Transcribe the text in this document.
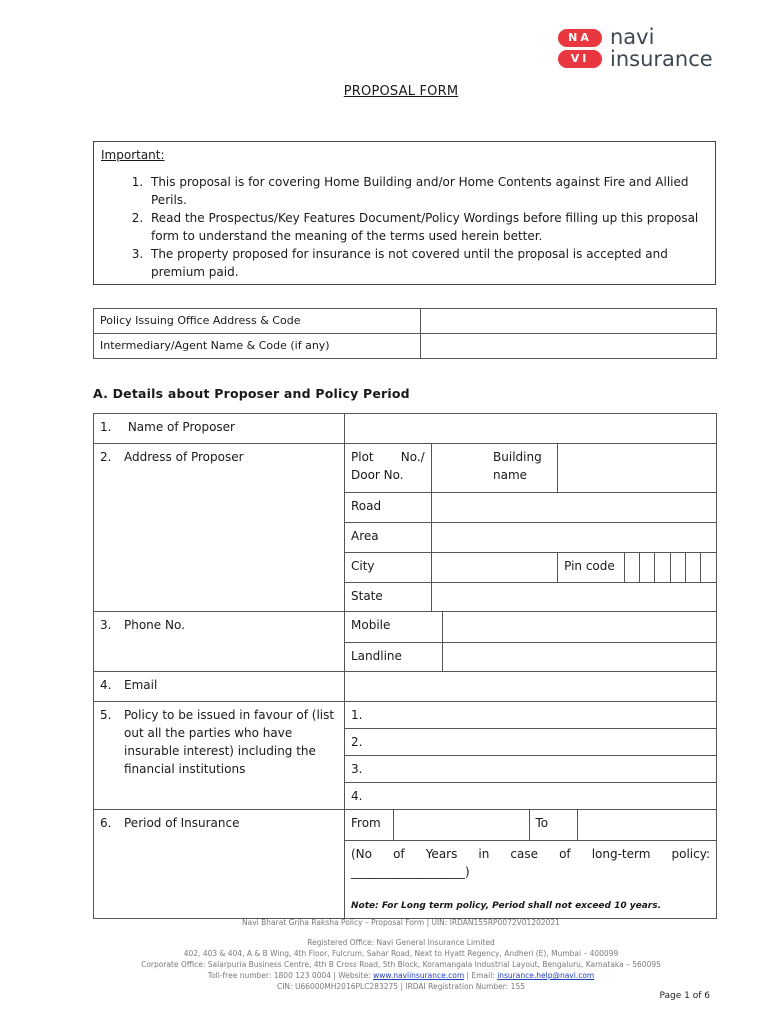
NA
VI
navi
insurance
PROPOSAL FORM
Important:
1. This proposal is for covering Home Building and/or Home Contents against Fire and Allied Perils.
2. Read the Prospectus/Key Features Document/Policy Wordings before filling up this proposal form to understand the meaning of the terms used herein better.
3. The property proposed for insurance is not covered until the proposal is accepted and premium paid.
Policy Issuing Office Address & Code	
Intermediary/Agent Name & Code (if any)	
A. Details about Proposer and Policy Period
1. Name of Proposer	
2. Address of Proposer		Plot No./ Door No.		Building name	
Road	
Area	
City		Pin code						
State	

3. Phone No.		Mobile	
Landline	

4. Email	
5. Policy to be issued in favour of (list out all the parties who have insurable interest) including the financial institutions	
1.
2.
3.
4.

6. Period of Insurance		From		To	

(No of Years in case of long-term policy: ___________________)
Note: For Long term policy, Period shall not exceed 10 years.
Navi Bharat Griha Raksha Policy – Proposal Form | UIN: IRDAN155RP0072V01202021
Registered Office: Navi General Insurance Limited
402, 403 & 404, A & B Wing, 4th Floor, Fulcrum, Sahar Road, Next to Hyatt Regency, Andheri (E), Mumbai – 400099
Corporate Office: Salarpuria Business Centre, 4th B Cross Road, 5th Block, Koramangala Industrial Layout, Bengaluru, Karnataka – 560095
Toll-free number: 1800 123 0004 | Website: www.naviinsurance.com | Email: insurance.help@navi.com
CIN: U66000MH2016PLC283275 | IRDAI Registration Number: 155
Page 1 of 6
